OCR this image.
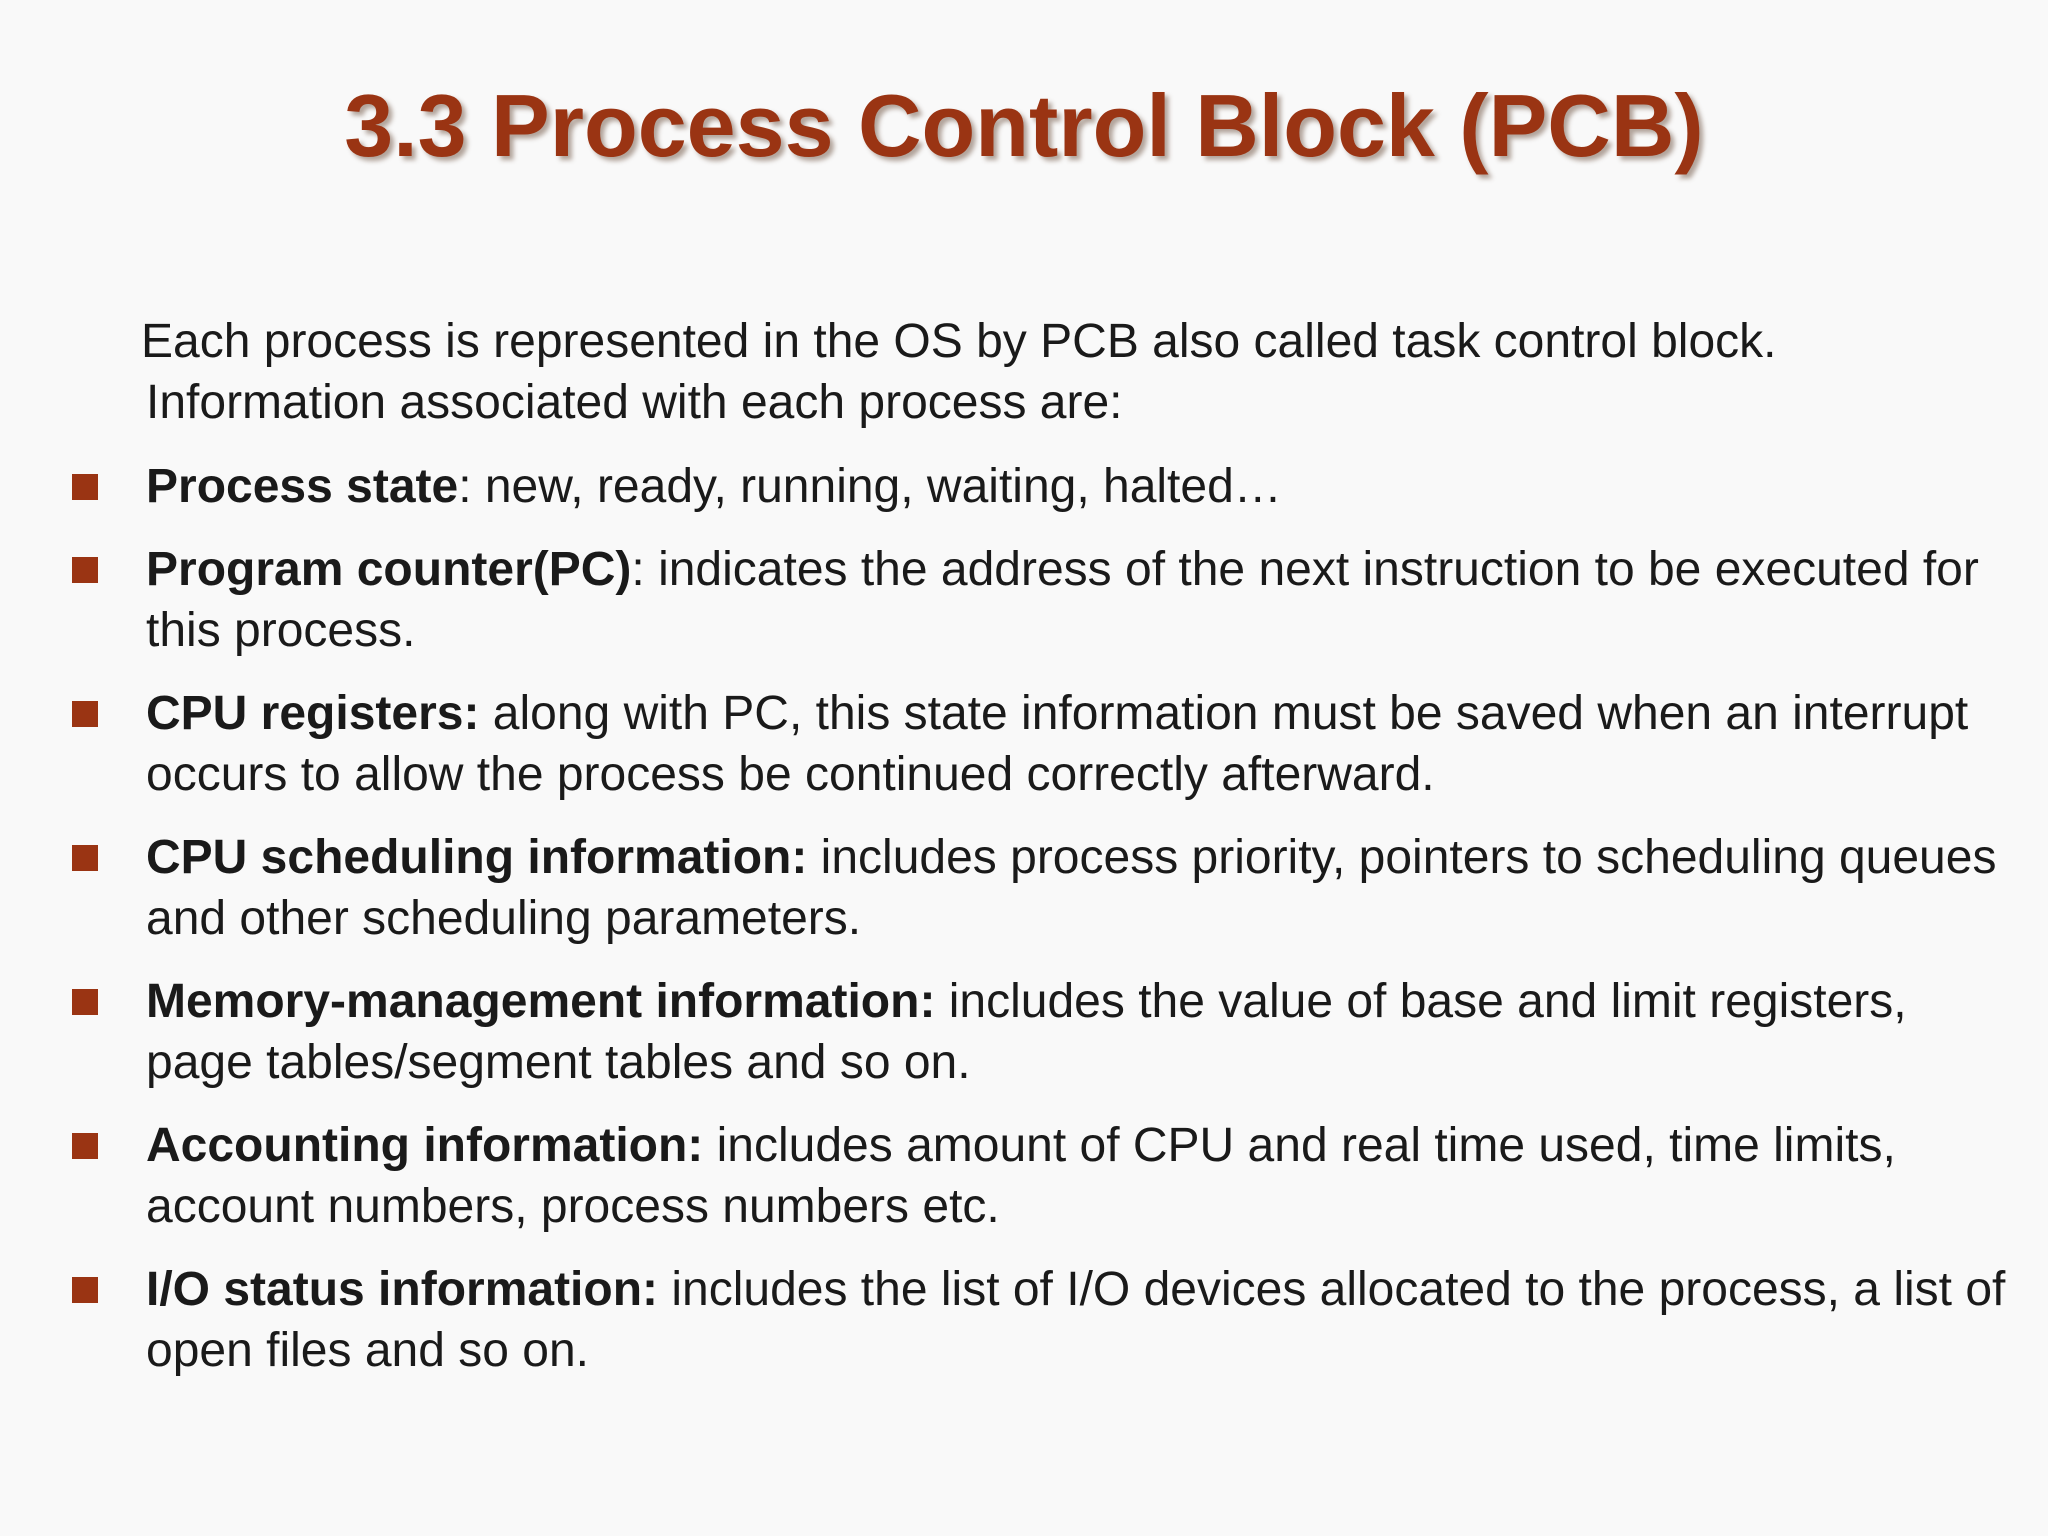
3.3 Process Control Block (PCB)

Each process is represented in the OS by PCB also called task control block.
Information associated with each process are:

Process state: new, ready, running, waiting, halted…
Program counter(PC): indicates the address of the next instruction to be executed for this process.
CPU registers: along with PC, this state information must be saved when an interrupt occurs to allow the process be continued correctly afterward.
CPU scheduling information: includes process priority, pointers to scheduling queues and other scheduling parameters.
Memory-management information: includes the value of base and limit registers, page tables/segment tables and so on.
Accounting information: includes amount of CPU and real time used, time limits, account numbers, process numbers etc.
I/O status information: includes the list of I/O devices allocated to the process, a list of open files and so on.
